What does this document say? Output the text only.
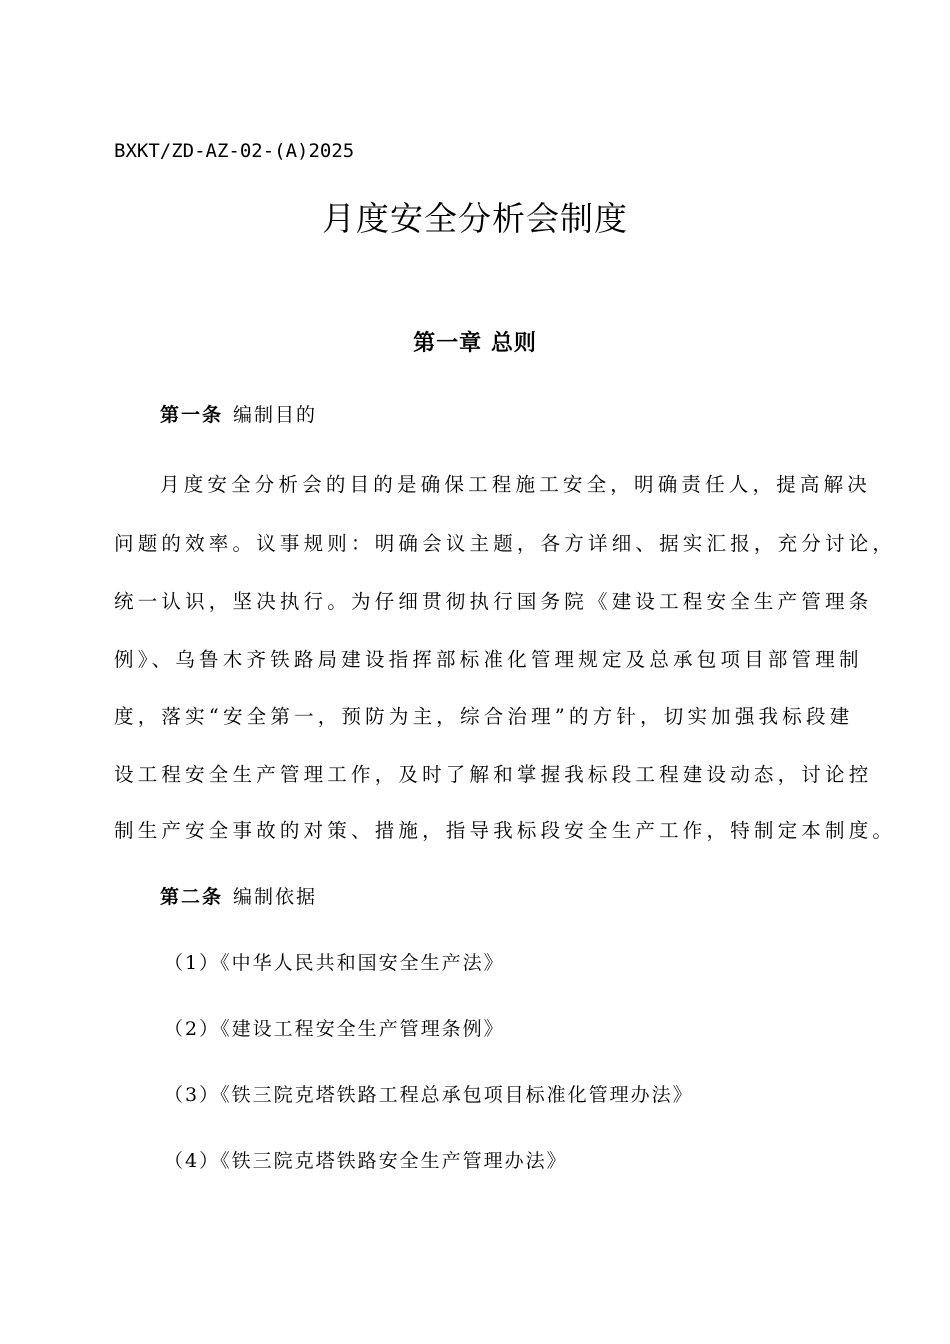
BXKT/ZD-AZ-02-(A)2025
月度安全分析会制度
第一章 总则
第一条 编制目的
月度安全分析会的目的是确保工程施工安全，明确责任人，提高解决
问题的效率。议事规则：明确会议主题，各方详细、据实汇报，充分讨论，
统一认识，坚决执行。为仔细贯彻执行国务院《建设工程安全生产管理条
例》、乌鲁木齐铁路局建设指挥部标准化管理规定及总承包项目部管理制
度，落实“安全第一，预防为主，综合治理”的方针，切实加强我标段建
设工程安全生产管理工作，及时了解和掌握我标段工程建设动态，讨论控
制生产安全事故的对策、措施，指导我标段安全生产工作，特制定本制度。
第二条 编制依据
（1）《中华人民共和国安全生产法》
（2）《建设工程安全生产管理条例》
（3）《铁三院克塔铁路工程总承包项目标准化管理办法》
（4）《铁三院克塔铁路安全生产管理办法》
